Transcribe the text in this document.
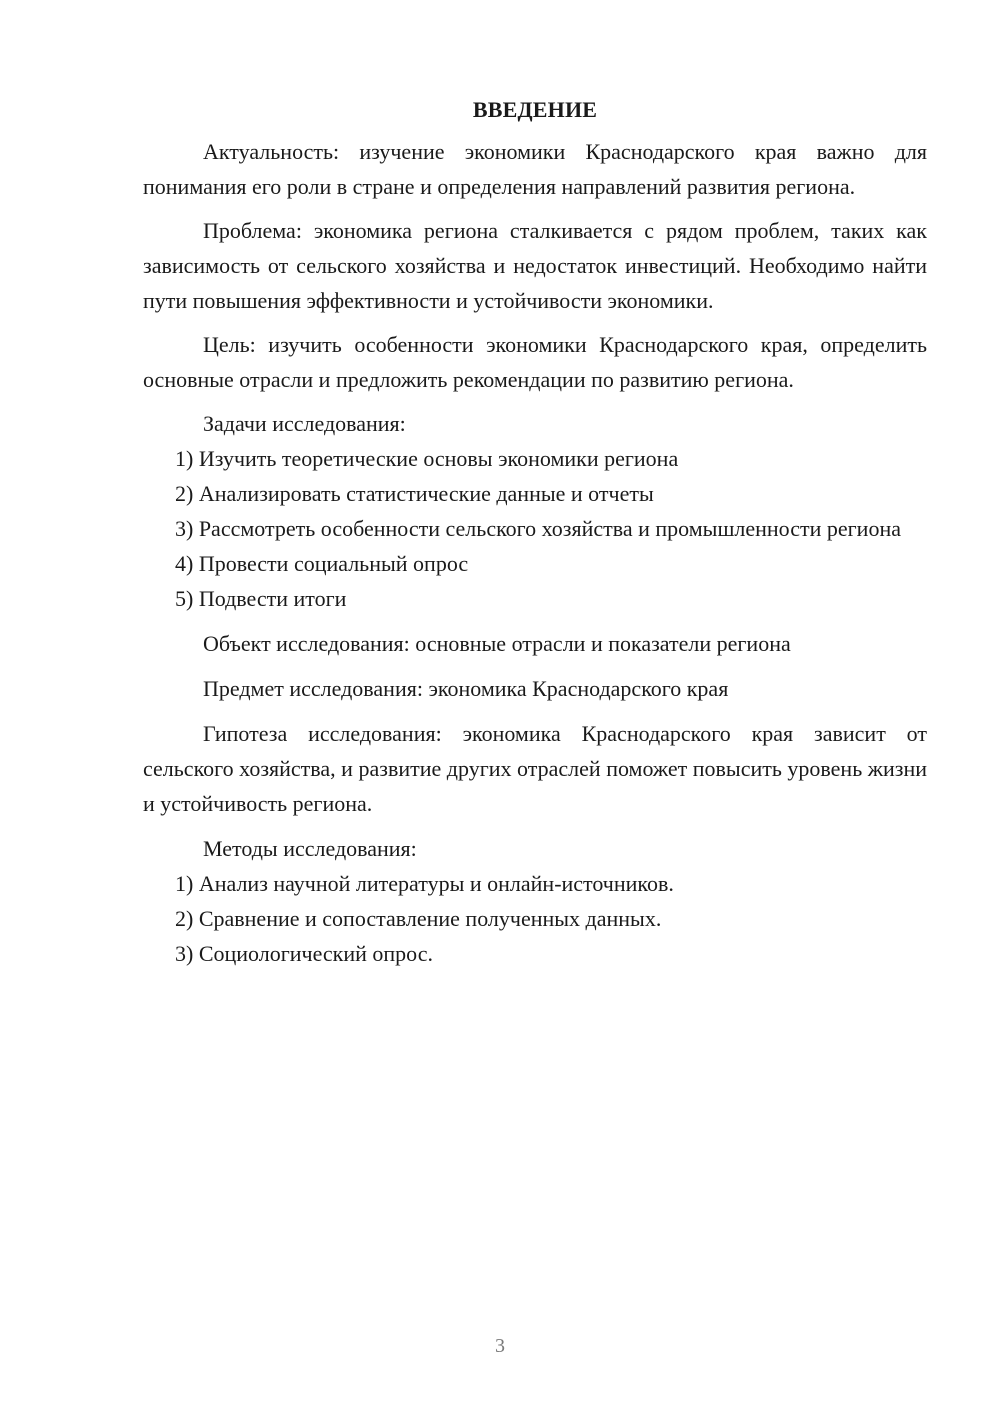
ВВЕДЕНИЕ

Актуальность: изучение экономики Краснодарского края важно для понимания его роли в стране и определения направлений развития региона.

Проблема: экономика региона сталкивается с рядом проблем, таких как зависимость от сельского хозяйства и недостаток инвестиций. Необходимо найти пути повышения эффективности и устойчивости экономики.

Цель: изучить особенности экономики Краснодарского края, определить основные отрасли и предложить рекомендации по развитию региона.

Задачи исследования:

1) Изучить теоретические основы экономики региона

2) Анализировать статистические данные и отчеты

3) Рассмотреть особенности сельского хозяйства и промышленности региона

4) Провести социальный опрос

5) Подвести итоги

Объект исследования: основные отрасли и показатели региона

Предмет исследования: экономика Краснодарского края

Гипотеза исследования: экономика Краснодарского края зависит от сельского хозяйства, и развитие других отраслей поможет повысить уровень жизни и устойчивость региона.

Методы исследования:

1) Анализ научной литературы и онлайн-источников.

2) Сравнение и сопоставление полученных данных.

3) Социологический опрос.

3
